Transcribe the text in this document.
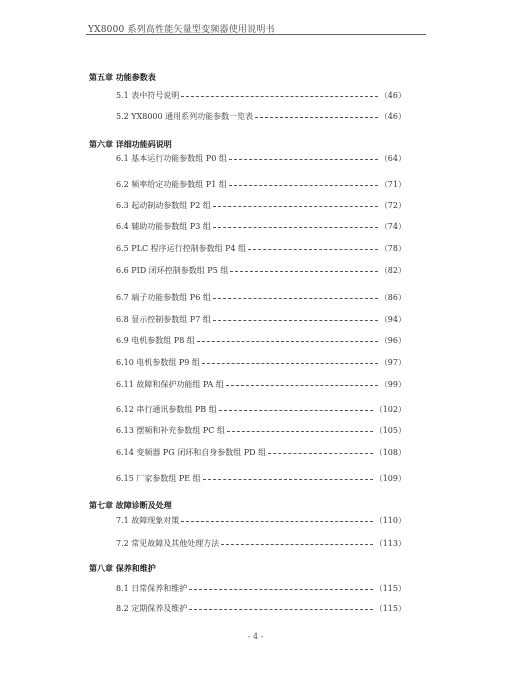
YX8000 系列高性能矢量型变频器使用说明书
第五章 功能参数表
5.1 表中符号说明	（46）
5.2 YX8000 通用系列功能参数一览表	（46）
第六章 详细功能码说明
6.1 基本运行功能参数组 P0 组	（64）
6.2 频率给定功能参数组 P1 组	（71）
6.3 起动制动参数组 P2 组	（72）
6.4 辅助功能参数组 P3 组	（74）
6.5 PLC 程序运行控制参数组 P4 组	（78）
6.6 PID 闭环控制参数组 P5 组	（82）
6.7 端子功能参数组 P6 组	（86）
6.8 显示控制参数组 P7 组	（94）
6.9 电机参数组 P8 组	（96）
6.10 电机参数组 P9 组	（97）
6.11 故障和保护功能组 PA 组	（99）
6.12 串行通讯参数组 PB 组	（102）
6.13 摆频和补充参数组 PC 组	（105）
6.14 变频器 PG 闭环和自身参数组 PD 组	（108）
6.15 厂家参数组 PE 组	（109）
第七章 故障诊断及处理
7.1 故障现象对策	（110）
7.2 常见故障及其他处理方法	（113）
第八章 保养和维护
8.1 日常保养和维护	（115）
8.2 定期保养及维护	（115）
- 4 -
